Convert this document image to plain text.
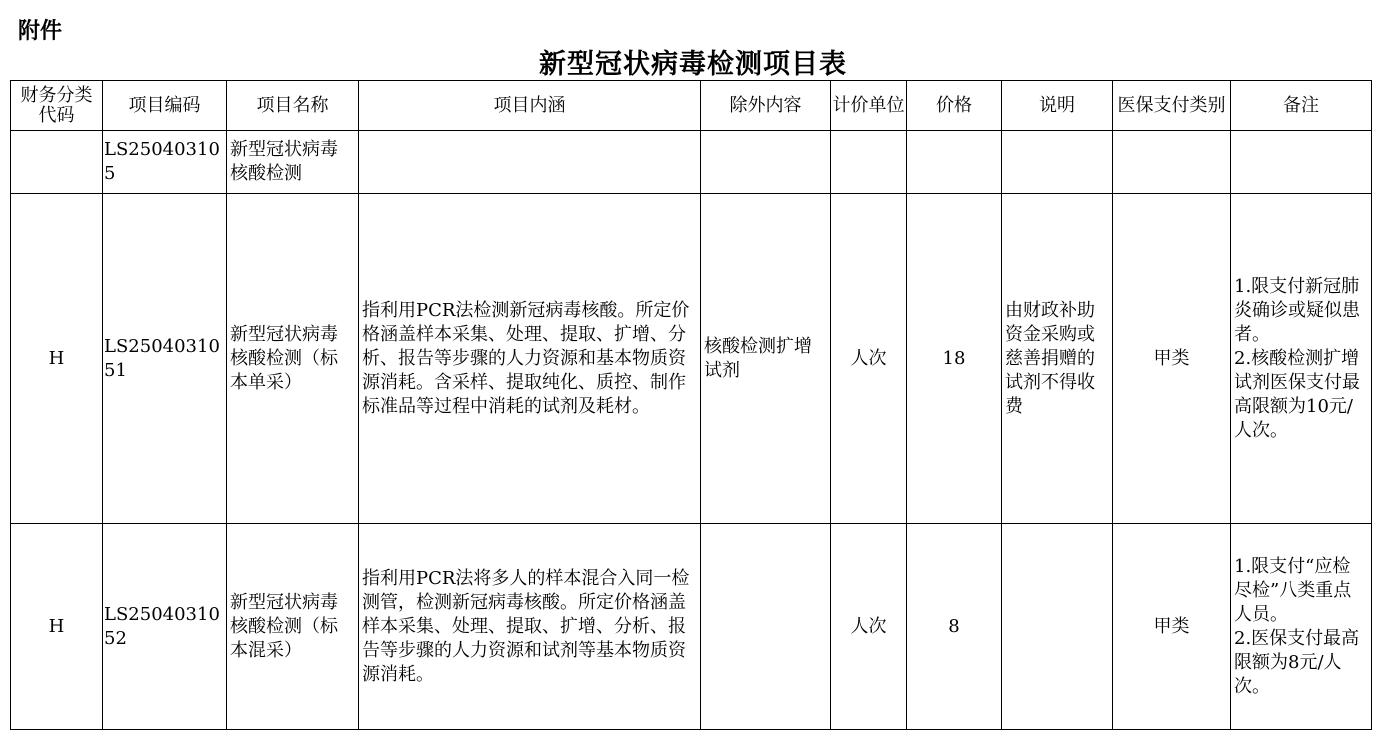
附件
新型冠状病毒检测项目表
财务分类代码	项目编码	项目名称	项目内涵	除外内容	计价单位	价格	说明	医保支付类别	备注
	LS250403105	新型冠状病毒核酸检测							
H	LS2504031051	新型冠状病毒核酸检测（标本单采）	指利用PCR法检测新冠病毒核酸。所定价格涵盖样本采集、处理、提取、扩增、分析、报告等步骤的人力资源和基本物质资源消耗。含采样、提取纯化、质控、制作标准品等过程中消耗的试剂及耗材。	核酸检测扩增试剂	人次	18	由财政补助资金采购或慈善捐赠的试剂不得收费	甲类	1.限支付新冠肺炎确诊或疑似患者。
2.核酸检测扩增试剂医保支付最高限额为10元/人次。
H	LS2504031052	新型冠状病毒核酸检测（标本混采）	指利用PCR法将多人的样本混合入同一检测管，检测新冠病毒核酸。所定价格涵盖样本采集、处理、提取、扩增、分析、报告等步骤的人力资源和试剂等基本物质资源消耗。		人次	8		甲类	1.限支付“应检尽检”八类重点人员。
2.医保支付最高限额为8元/人次。
